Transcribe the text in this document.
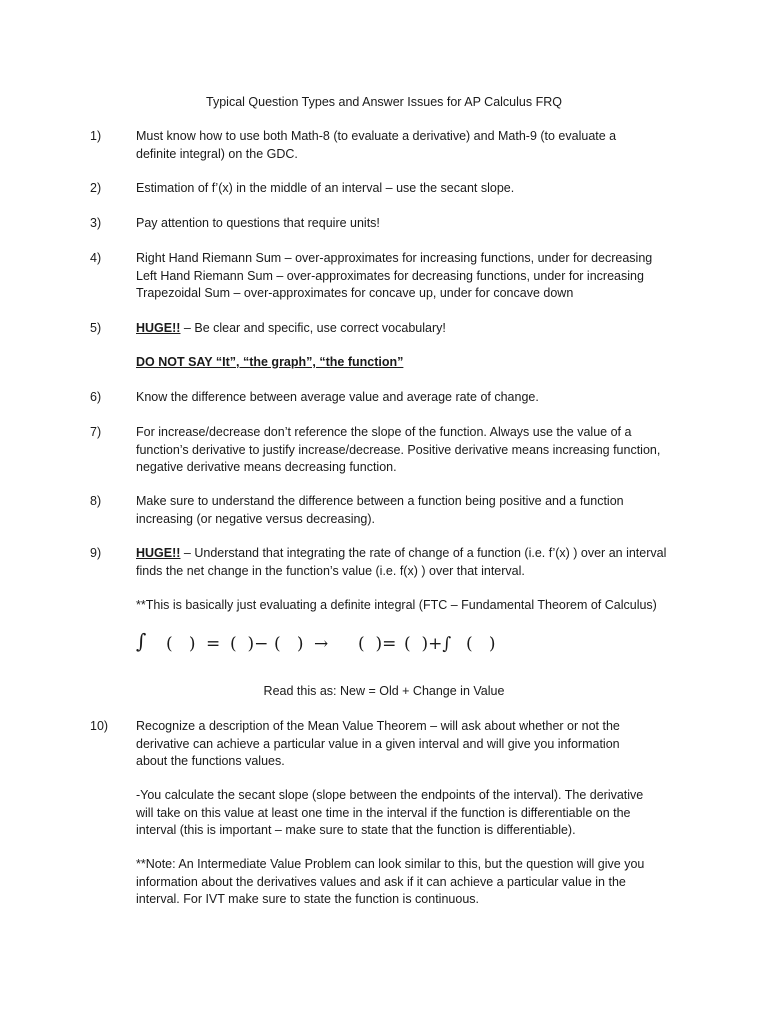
Typical Question Types and Answer Issues for AP Calculus FRQ
1)	Must know how to use both Math-8 (to evaluate a derivative) and Math-9 (to evaluate a
definite integral) on the GDC.
2)	Estimation of f’(x) in the middle of an interval – use the secant slope.
3)	Pay attention to questions that require units!
4)	Right Hand Riemann Sum – over-approximates for increasing functions, under for decreasing
Left Hand Riemann Sum – over-approximates for decreasing functions, under for increasing
Trapezoidal Sum – over-approximates for concave up, under for concave down
5)	HUGE!! – Be clear and specific, use correct vocabulary!
DO NOT SAY “It”, “the graph”, “the function”
6)	Know the difference between average value and average rate of change.
7)	For increase/decrease don’t reference the slope of the function. Always use the value of a
function’s derivative to justify increase/decrease. Positive derivative means increasing function,
negative derivative means decreasing function.
8)	Make sure to understand the difference between a function being positive and a function
increasing (or negative versus decreasing).
9)	HUGE!! – Understand that integrating the rate of change of a function (i.e. f’(x) ) over an interval
finds the net change in the function’s value (i.e. f(x) ) over that interval.
**This is basically just evaluating a definite integral (FTC – Fundamental Theorem of Calculus)
∫ (   ) = (  )− (   ) → (  )= (  )+∫ (   )
Read this as: New = Old + Change in Value
10)	Recognize a description of the Mean Value Theorem – will ask about whether or not the
derivative can achieve a particular value in a given interval and will give you information
about the functions values.
-You calculate the secant slope (slope between the endpoints of the interval). The derivative
will take on this value at least one time in the interval if the function is differentiable on the
interval (this is important – make sure to state that the function is differentiable).
**Note: An Intermediate Value Problem can look similar to this, but the question will give you
information about the derivatives values and ask if it can achieve a particular value in the
interval. For IVT make sure to state the function is continuous.
